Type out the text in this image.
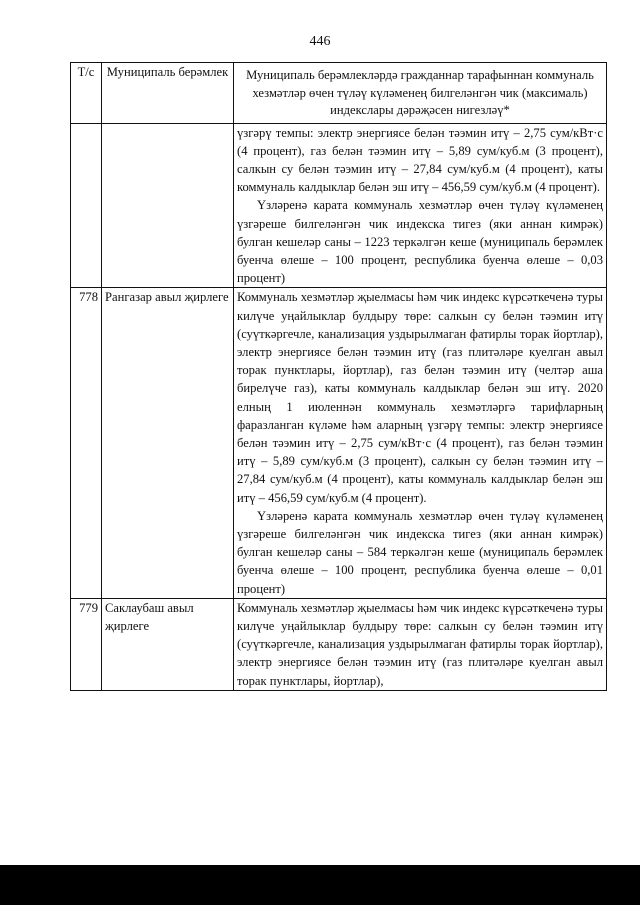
446
Т/с	Муниципаль берәмлек	Муниципаль берәмлекләрдә гражданнар тарафыннан коммуналь хезмәтләр өчен түләү күләменең билгеләнгән чик (максималь) индекслары дәрәҗәсен нигезләү*

		үзгәрү темпы: электр энергиясе белән тәэмин итү – 2,75 сум/кВт·с (4 процент), газ белән тәэмин итү – 5,89 сум/куб.м (3 процент), салкын су белән тәэмин итү – 27,84 сум/куб.м (4 процент), каты коммуналь калдыклар белән эш итү – 456,59 сум/куб.м (4 процент).
Үзләренә карата коммуналь хезмәтләр өчен түләү күләменең үзгәреше билгеләнгән чик индекска тигез (яки аннан кимрәк) булган кешеләр саны – 1223 теркәлгән кеше (муниципаль берәмлек буенча өлеше – 100 процент, республика буенча өлеше – 0,03 процент)

778	Рангазар авыл җирлеге	Коммуналь хезмәтләр җыелмасы һәм чик индекс күрсәткеченә туры килүче уңайлыклар булдыру төре: салкын су белән тәэмин итү (суүткәргечле, канализация уздырылмаган фатирлы торак йортлар), электр энергиясе белән тәэмин итү (газ плитәләре куелган авыл торак пунктлары, йортлар), газ белән тәэмин итү (челтәр аша бирелүче газ), каты коммуналь калдыклар белән эш итү. 2020 елның 1 июленнән коммуналь хезмәтләргә тарифларның фаразланган күләме һәм аларның үзгәрү темпы: электр энергиясе белән тәэмин итү – 2,75 сум/кВт·с (4 процент), газ белән тәэмин итү – 5,89 сум/куб.м (3 процент), салкын су белән тәэмин итү – 27,84 сум/куб.м (4 процент), каты коммуналь калдыклар белән эш итү – 456,59 сум/куб.м (4 процент).
Үзләренә карата коммуналь хезмәтләр өчен түләү күләменең үзгәреше билгеләнгән чик индекска тигез (яки аннан кимрәк) булган кешеләр саны – 584 теркәлгән кеше (муниципаль берәмлек буенча өлеше – 100 процент, республика буенча өлеше – 0,01 процент)

779	Саклаубаш авыл җирлеге	Коммуналь хезмәтләр җыелмасы һәм чик индекс күрсәткеченә туры килүче уңайлыклар булдыру төре: салкын су белән тәэмин итү (суүткәргечле, канализация уздырылмаган фатирлы торак йортлар), электр энергиясе белән тәэмин итү (газ плитәләре куелган авыл торак пунктлары, йортлар),
